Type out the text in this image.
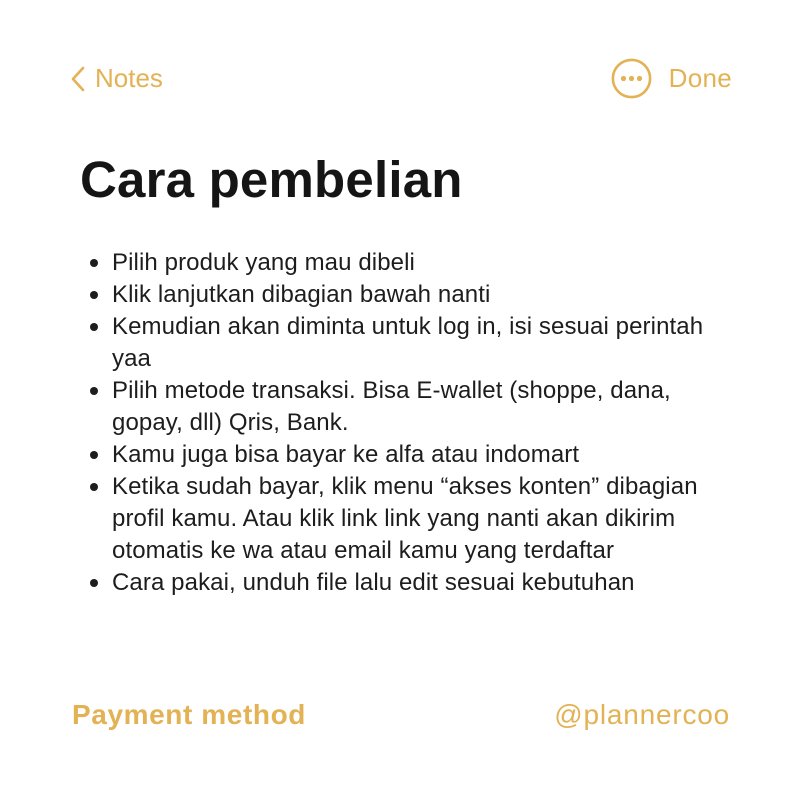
Notes	Done
Cara pembelian
Pilih produk yang mau dibeli
Klik lanjutkan dibagian bawah nanti
Kemudian akan diminta untuk log in, isi sesuai perintah yaa
Pilih metode transaksi. Bisa E-wallet (shoppe, dana, gopay, dll) Qris, Bank.
Kamu juga bisa bayar ke alfa atau indomart
Ketika sudah bayar, klik menu “akses konten” dibagian profil kamu. Atau klik link link yang nanti akan dikirim otomatis ke wa atau email kamu yang terdaftar
Cara pakai, unduh file lalu edit sesuai kebutuhan
Payment method	@plannercoo
